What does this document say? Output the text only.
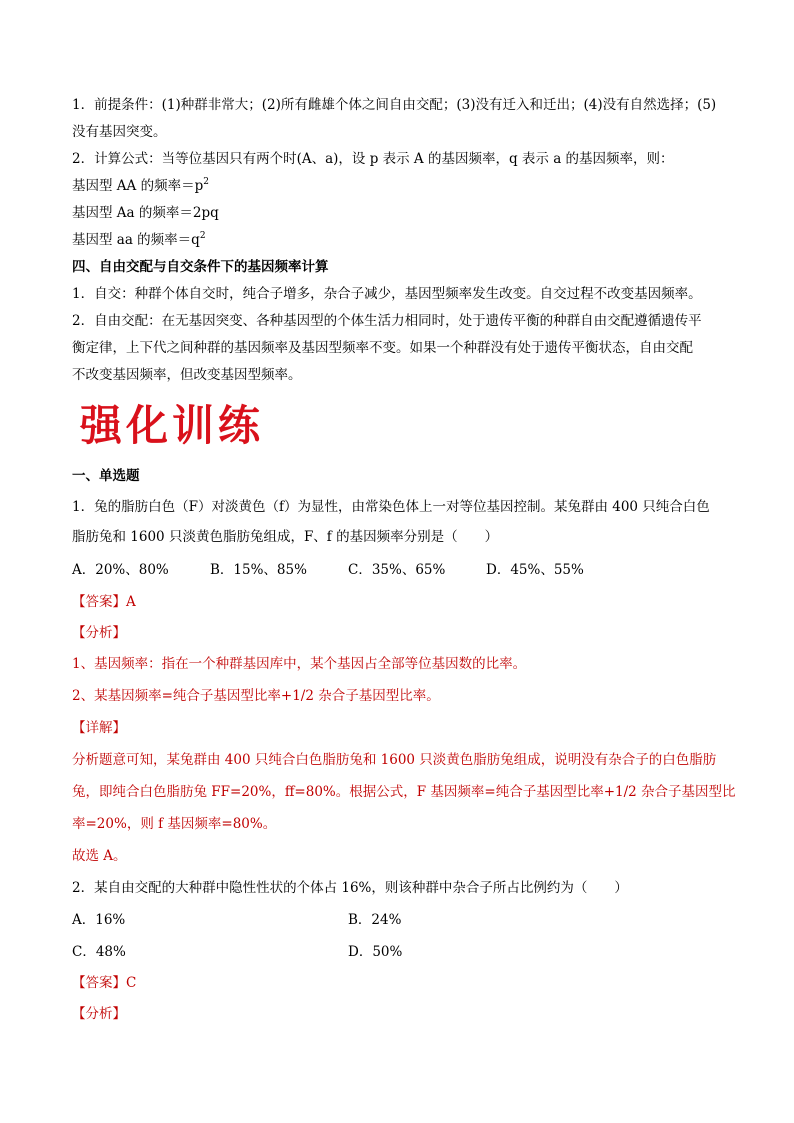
1．前提条件：(1)种群非常大；(2)所有雌雄个体之间自由交配；(3)没有迁入和迁出；(4)没有自然选择；(5)
没有基因突变。
2．计算公式：当等位基因只有两个时(A、a)，设 p 表示 A 的基因频率，q 表示 a 的基因频率，则：
基因型 AA 的频率$=p^2$
基因型 Aa 的频率＝2pq
基因型 aa 的频率$=q^2$
四、自由交配与自交条件下的基因频率计算
1．自交：种群个体自交时，纯合子增多，杂合子减少，基因型频率发生改变。自交过程不改变基因频率。
2．自由交配：在无基因突变、各种基因型的个体生活力相同时，处于遗传平衡的种群自由交配遵循遗传平
衡定律，上下代之间种群的基因频率及基因型频率不变。如果一个种群没有处于遗传平衡状态，自由交配
不改变基因频率，但改变基因型频率。
强化训练
一、单选题
1．兔的脂肪白色（F）对淡黄色（f）为显性，由常染色体上一对等位基因控制。某兔群由 400 只纯合白色
脂肪兔和 1600 只淡黄色脂肪兔组成，F、f 的基因频率分别是（　　）
A．20%、80%	B．15%、85%	C．35%、65%	D．45%、55%
【答案】A
【分析】
1、基因频率：指在一个种群基因库中，某个基因占全部等位基因数的比率。
2、某基因频率=纯合子基因型比率+1/2 杂合子基因型比率。
【详解】
分析题意可知，某兔群由 400 只纯合白色脂肪兔和 1600 只淡黄色脂肪兔组成，说明没有杂合子的白色脂肪
兔，即纯合白色脂肪兔 FF=20%，ff=80%。根据公式，F 基因频率=纯合子基因型比率+1/2 杂合子基因型比
率=20%，则 f 基因频率=80%。
故选 A。
2．某自由交配的大种群中隐性性状的个体占 16%，则该种群中杂合子所占比例约为（　　）
A．16%	B．24%
C．48%	D．50%
【答案】C
【分析】
